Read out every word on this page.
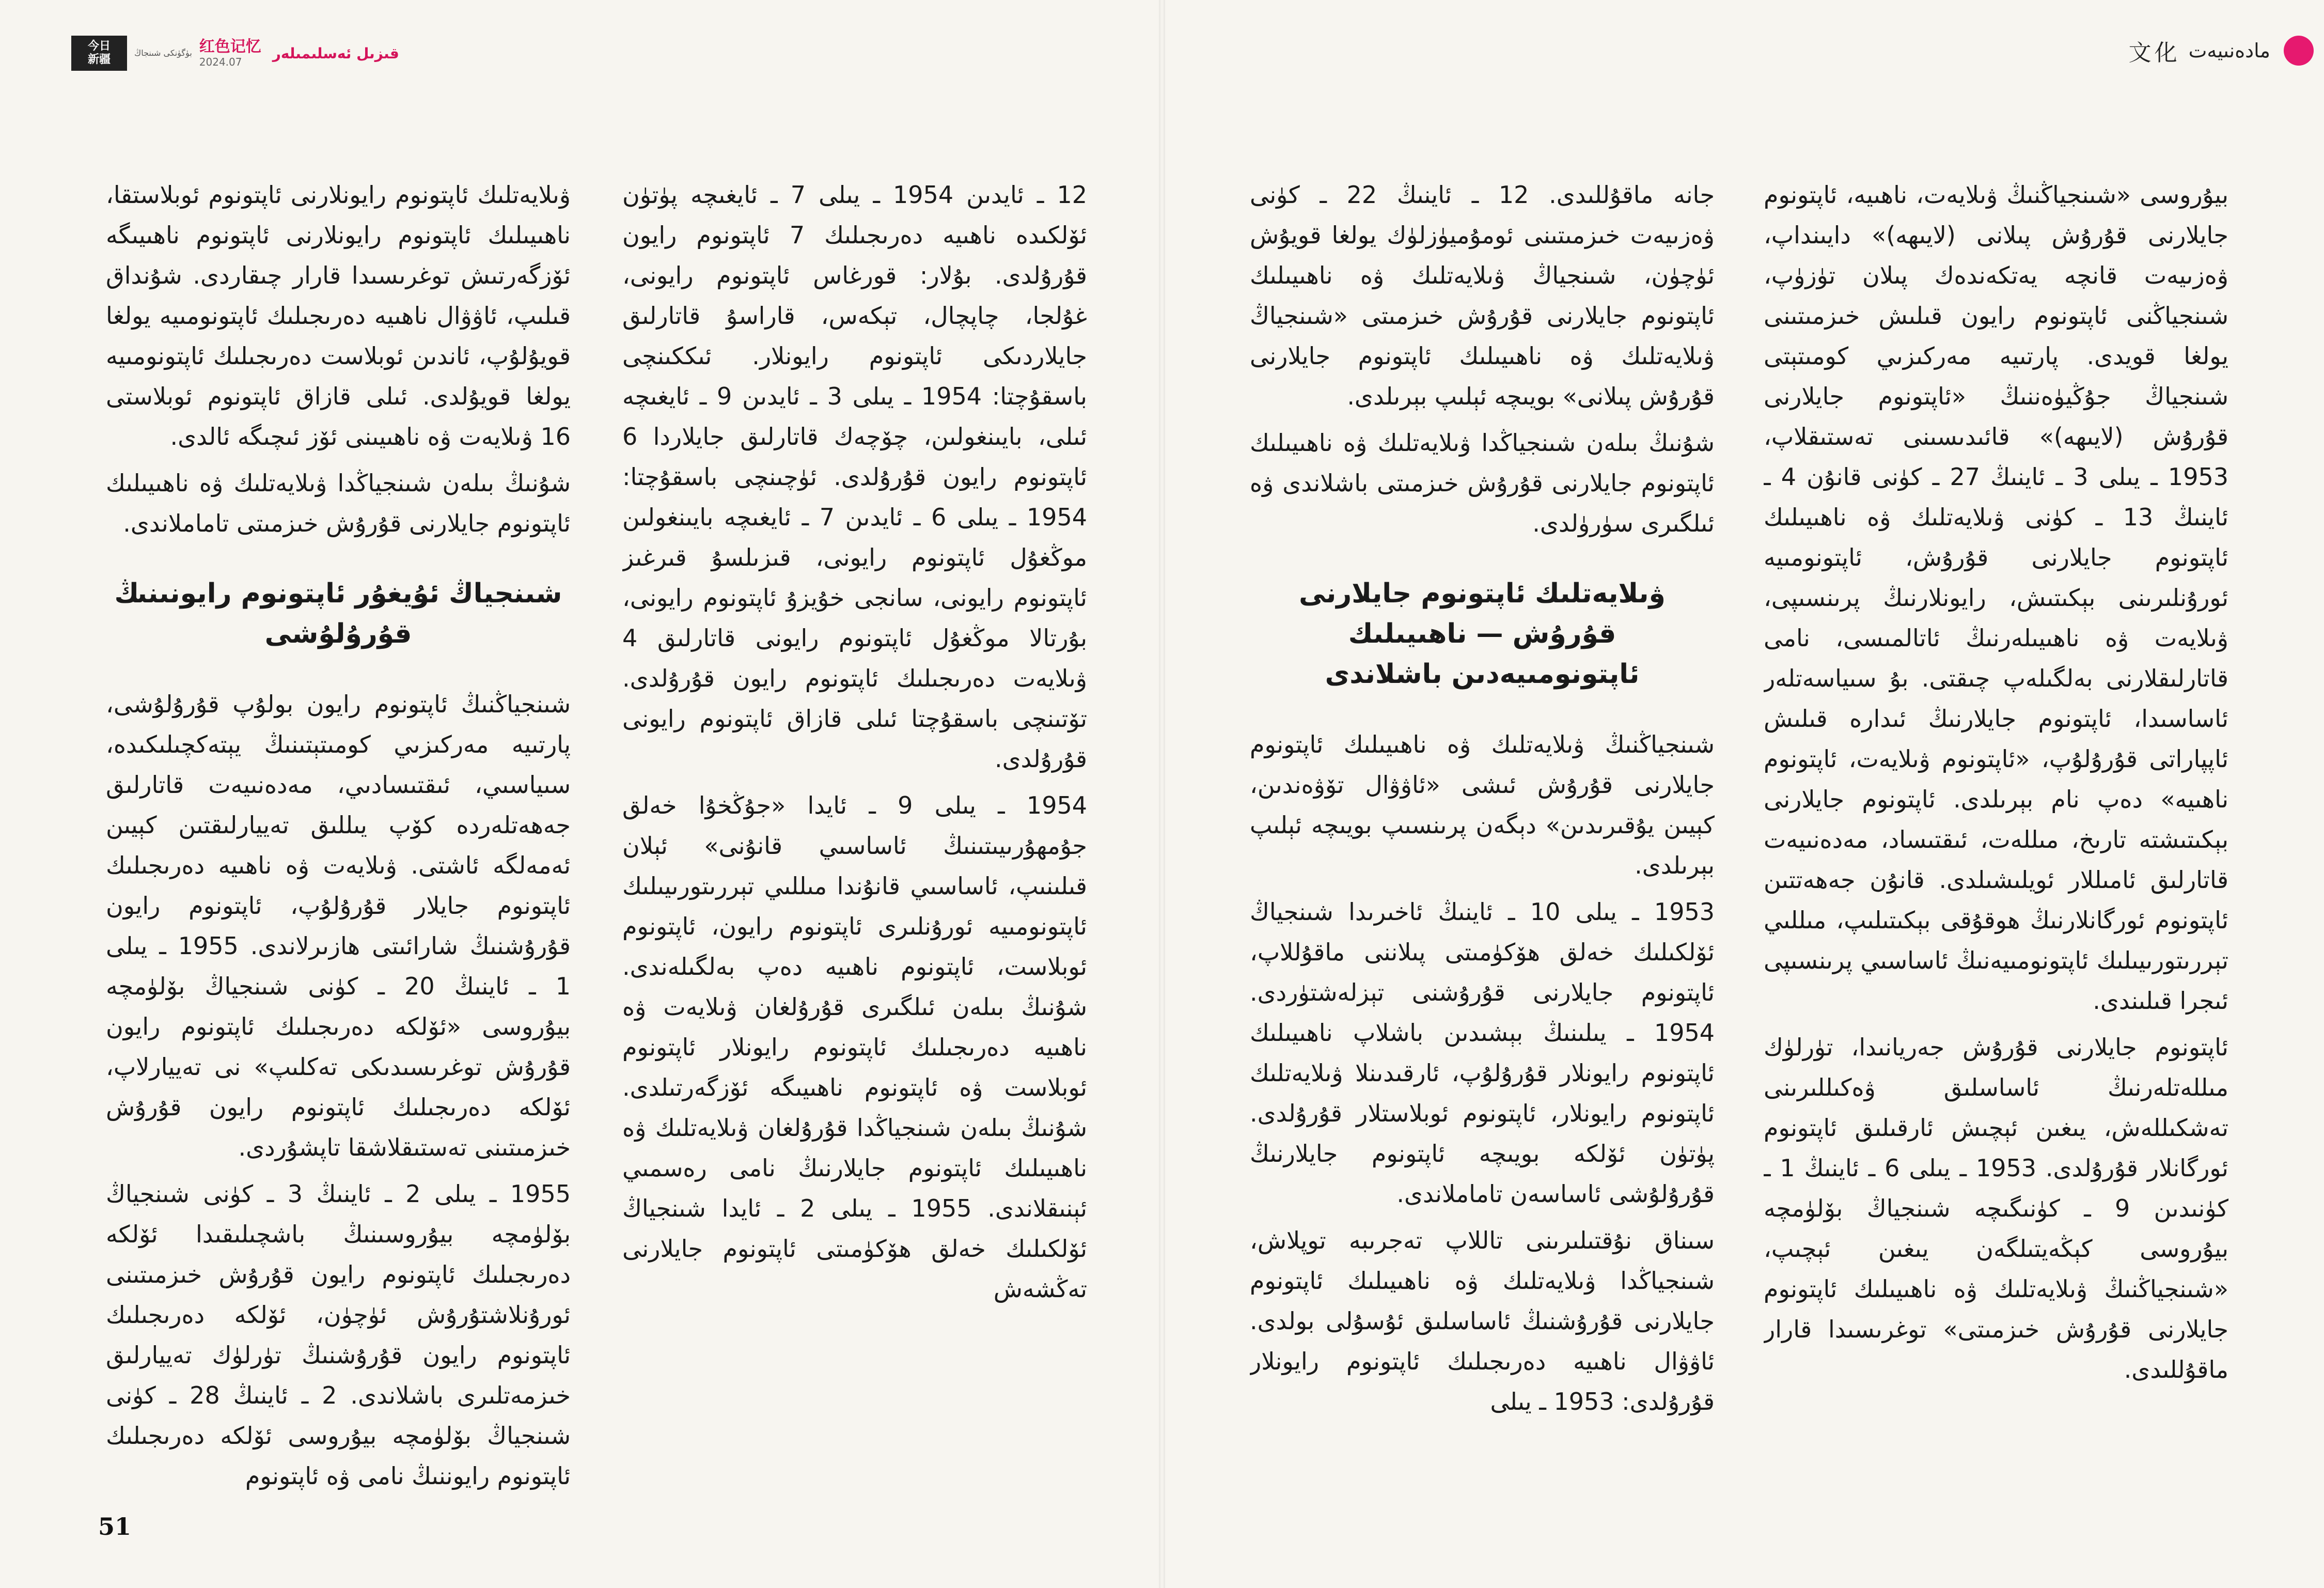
今日
新疆
بۈگۈنكى شىنجاڭ 红色记忆
2024.07
قىزىل ئەسلىمىلەر

12 ـ ئايدىن 1954 ـ يىلى 7 ـ ئايغىچە پۈتۈن ئۆلكىدە ناھىيە دەرىجىلىك 7 ئاپتونوم رايون قۇرۇلدى. بۇلار: قورغاس ئاپتونوم رايونى، غۇلجا، چاپچال، تېكەس، قاراسۇ قاتارلىق جايلاردىكى ئاپتونوم رايونلار. ئىككىنچى باسقۇچتا: 1954 ـ يىلى 3 ـ ئايدىن 9 ـ ئايغىچە ئىلى، بايىنغولىن، چۆچەك قاتارلىق جايلاردا 6 ئاپتونوم رايون قۇرۇلدى. ئۈچىنچى باسقۇچتا: 1954 ـ يىلى 6 ـ ئايدىن 7 ـ ئايغىچە بايىنغولىن موڭغۇل ئاپتونوم رايونى، قىزىلسۇ قىرغىز ئاپتونوم رايونى، سانجى خۇيزۇ ئاپتونوم رايونى، بۇرتالا موڭغۇل ئاپتونوم رايونى قاتارلىق 4 ۋىلايەت دەرىجىلىك ئاپتونوم رايون قۇرۇلدى. تۆتىنچى باسقۇچتا ئىلى قازاق ئاپتونوم رايونى قۇرۇلدى.

1954 ـ يىلى 9 ـ ئايدا «جۇڭخۇا خەلق جۇمھۇرىيىتىنىڭ ئاساسىي قانۇنى» ئېلان قىلىنىپ، ئاساسىي قانۇندا مىللىي تېررىتورىيىلىك ئاپتونومىيە ئورۇنلىرى ئاپتونوم رايون، ئاپتونوم ئوبلاست، ئاپتونوم ناھىيە دەپ بەلگىلەندى. شۇنىڭ بىلەن ئىلگىرى قۇرۇلغان ۋىلايەت ۋە ناھىيە دەرىجىلىك ئاپتونوم رايونلار ئاپتونوم ئوبلاست ۋە ئاپتونوم ناھىيىگە ئۆزگەرتىلدى. شۇنىڭ بىلەن شىنجياڭدا قۇرۇلغان ۋىلايەتلىك ۋە ناھىيىلىك ئاپتونوم جايلارنىڭ نامى رەسمىي ئېنىقلاندى. 1955 ـ يىلى 2 ـ ئايدا شىنجياڭ ئۆلكىلىك خەلق ھۆكۈمىتى ئاپتونوم جايلارنى تەڭشەش

ۋىلايەتلىك ئاپتونوم رايونلارنى ئاپتونوم ئوبلاستقا، ناھىيىلىك ئاپتونوم رايونلارنى ئاپتونوم ناھىيىگە ئۆزگەرتىش توغرىسىدا قارار چىقاردى. شۇنداق قىلىپ، ئاۋۋال ناھىيە دەرىجىلىك ئاپتونومىيە يولغا قويۇلۇپ، ئاندىن ئوبلاست دەرىجىلىك ئاپتونومىيە يولغا قويۇلدى. ئىلى قازاق ئاپتونوم ئوبلاستى 16 ۋىلايەت ۋە ناھىيىنى ئۆز ئىچىگە ئالدى.

شۇنىڭ بىلەن شىنجياڭدا ۋىلايەتلىك ۋە ناھىيىلىك ئاپتونوم جايلارنى قۇرۇش خىزمىتى تاماملاندى.

شىنجياڭ ئۇيغۇر ئاپتونوم رايونىنىڭ قۇرۇلۇشى

شىنجياڭنىڭ ئاپتونوم رايون بولۇپ قۇرۇلۇشى، پارتىيە مەركىزىي كومىتېتىنىڭ يېتەكچىلىكىدە، سىياسىي، ئىقتىسادىي، مەدەنىيەت قاتارلىق جەھەتلەردە كۆپ يىللىق تەييارلىقتىن كېيىن ئەمەلگە ئاشتى. ۋىلايەت ۋە ناھىيە دەرىجىلىك ئاپتونوم جايلار قۇرۇلۇپ، ئاپتونوم رايون قۇرۇشنىڭ شارائىتى ھازىرلاندى. 1955 ـ يىلى 1 ـ ئاينىڭ 20 ـ كۈنى شىنجياڭ بۆلۈمچە بيۇروسى «ئۆلكە دەرىجىلىك ئاپتونوم رايون قۇرۇش توغرىسىدىكى تەكلىپ» نى تەييارلاپ، ئۆلكە دەرىجىلىك ئاپتونوم رايون قۇرۇش خىزمىتىنى تەستىقلاشقا تاپشۇردى.

1955 ـ يىلى 2 ـ ئاينىڭ 3 ـ كۈنى شىنجياڭ بۆلۈمچە بيۇروسىنىڭ باشچىلىقىدا ئۆلكە دەرىجىلىك ئاپتونوم رايون قۇرۇش خىزمىتىنى ئورۇنلاشتۇرۇش ئۈچۈن، ئۆلكە دەرىجىلىك ئاپتونوم رايون قۇرۇشنىڭ تۈرلۈك تەييارلىق خىزمەتلىرى باشلاندى. 2 ـ ئاينىڭ 28 ـ كۈنى شىنجياڭ بۆلۈمچە بيۇروسى ئۆلكە دەرىجىلىك ئاپتونوم رايوننىڭ نامى ۋە ئاپتونوم

51
文化 مادەنىيەت

بيۇروسى «شىنجياڭنىڭ ۋىلايەت، ناھىيە، ئاپتونوم جايلارنى قۇرۇش پىلانى (لايىھە)» دايىنداپ، ۋەزىيەت قانچە يەتكەندەك پىلان تۈزۈپ، شىنجياڭنى ئاپتونوم رايون قىلىش خىزمىتىنى يولغا قويدى. پارتىيە مەركىزىي كومىتېتى شىنجياڭ جۇڭيۈەننىڭ «ئاپتونوم جايلارنى قۇرۇش (لايىھە)» قائىدىسىنى تەستىقلاپ، 1953 ـ يىلى 3 ـ ئاينىڭ 27 ـ كۈنى قانۇن 4 ـ ئاينىڭ 13 ـ كۈنى ۋىلايەتلىك ۋە ناھىيىلىك ئاپتونوم جايلارنى قۇرۇش، ئاپتونومىيە ئورۇنلىرىنى بېكىتىش، رايونلارنىڭ پرىنسىپى، ۋىلايەت ۋە ناھىيىلەرنىڭ ئاتالمىسى، نامى قاتارلىقلارنى بەلگىلەپ چىقتى. بۇ سىياسەتلەر ئاساسىدا، ئاپتونوم جايلارنىڭ ئىدارە قىلىش ئاپپاراتى قۇرۇلۇپ، «ئاپتونوم ۋىلايەت، ئاپتونوم ناھىيە» دەپ نام بېرىلدى. ئاپتونوم جايلارنى بېكىتىشتە تارىخ، مىللەت، ئىقتىساد، مەدەنىيەت قاتارلىق ئامىللار ئويلىشىلدى. قانۇن جەھەتتىن ئاپتونوم ئورگانلارنىڭ ھوقۇقى بېكىتىلىپ، مىللىي تېررىتورىيىلىك ئاپتونومىيەنىڭ ئاساسىي پرىنسىپى ئىجرا قىلىندى.

ئاپتونوم جايلارنى قۇرۇش جەريانىدا، تۈرلۈك مىللەتلەرنىڭ ئاساسلىق ۋەكىللىرىنى تەشكىللەش، يىغىن ئېچىش ئارقىلىق ئاپتونوم ئورگانلار قۇرۇلدى. 1953 ـ يىلى 6 ـ ئاينىڭ 1 ـ كۈنىدىن 9 ـ كۈنىگىچە شىنجياڭ بۆلۈمچە بيۇروسى كېڭەيتىلگەن يىغىن ئېچىپ، «شىنجياڭنىڭ ۋىلايەتلىك ۋە ناھىيىلىك ئاپتونوم جايلارنى قۇرۇش خىزمىتى» توغرىسىدا قارار ماقۇللىدى.

جانە ماقۇللىدى. 12 ـ ئاينىڭ 22 ـ كۈنى ۋەزىيەت خىزمىتىنى ئومۇميۈزلۈك يولغا قويۇش ئۈچۈن، شىنجياڭ ۋىلايەتلىك ۋە ناھىيىلىك ئاپتونوم جايلارنى قۇرۇش خىزمىتى «شىنجياڭ ۋىلايەتلىك ۋە ناھىيىلىك ئاپتونوم جايلارنى قۇرۇش پىلانى» بويىچە ئېلىپ بېرىلدى.

شۇنىڭ بىلەن شىنجياڭدا ۋىلايەتلىك ۋە ناھىيىلىك ئاپتونوم جايلارنى قۇرۇش خىزمىتى باشلاندى ۋە ئىلگىرى سۈرۈلدى.

ۋىلايەتلىك ئاپتونوم جايلارنى قۇرۇش — ناھىيىلىك ئاپتونومىيەدىن باشلاندى

شىنجياڭنىڭ ۋىلايەتلىك ۋە ناھىيىلىك ئاپتونوم جايلارنى قۇرۇش ئىشى «ئاۋۋال تۆۋەندىن، كېيىن يۇقىرىدىن» دېگەن پرىنسىپ بويىچە ئېلىپ بېرىلدى.

1953 ـ يىلى 10 ـ ئاينىڭ ئاخىرىدا شىنجياڭ ئۆلكىلىك خەلق ھۆكۈمىتى پىلاننى ماقۇللاپ، ئاپتونوم جايلارنى قۇرۇشنى تېزلەشتۈردى. 1954 ـ يىلىنىڭ بېشىدىن باشلاپ ناھىيىلىك ئاپتونوم رايونلار قۇرۇلۇپ، ئارقىدىنلا ۋىلايەتلىك ئاپتونوم رايونلار، ئاپتونوم ئوبلاستلار قۇرۇلدى. پۈتۈن ئۆلكە بويىچە ئاپتونوم جايلارنىڭ قۇرۇلۇشى ئاساسەن تاماملاندى.

سىناق نۇقتىلىرىنى تاللاپ تەجرىبە توپلاش، شىنجياڭدا ۋىلايەتلىك ۋە ناھىيىلىك ئاپتونوم جايلارنى قۇرۇشنىڭ ئاساسلىق ئۇسۇلى بولدى. ئاۋۋال ناھىيە دەرىجىلىك ئاپتونوم رايونلار قۇرۇلدى: 1953 ـ يىلى
